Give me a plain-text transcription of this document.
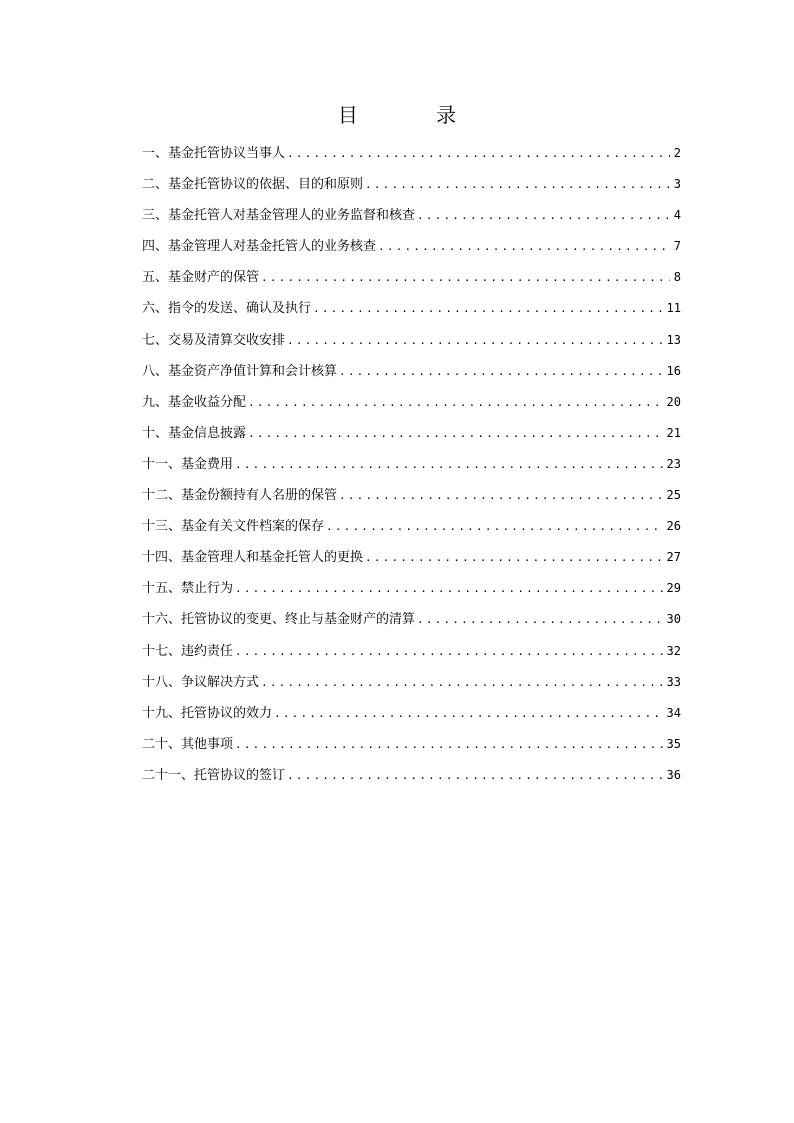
目 录
一、基金托管协议当事人 .....	2
二、基金托管协议的依据、目的和原则 .....	3
三、基金托管人对基金管理人的业务监督和核查 .....	4
四、基金管理人对基金托管人的业务核查 .....	7
五、基金财产的保管 .....	8
六、指令的发送、确认及执行 .....	11
七、交易及清算交收安排 .....	13
八、基金资产净值计算和会计核算 .....	16
九、基金收益分配 .....	20
十、基金信息披露 .....	21
十一、基金费用 .....	23
十二、基金份额持有人名册的保管 .....	25
十三、基金有关文件档案的保存 .....	26
十四、基金管理人和基金托管人的更换 .....	27
十五、禁止行为 .....	29
十六、托管协议的变更、终止与基金财产的清算 .....	30
十七、违约责任 .....	32
十八、争议解决方式 .....	33
十九、托管协议的效力 .....	34
二十、其他事项 .....	35
二十一、托管协议的签订 .....	36
